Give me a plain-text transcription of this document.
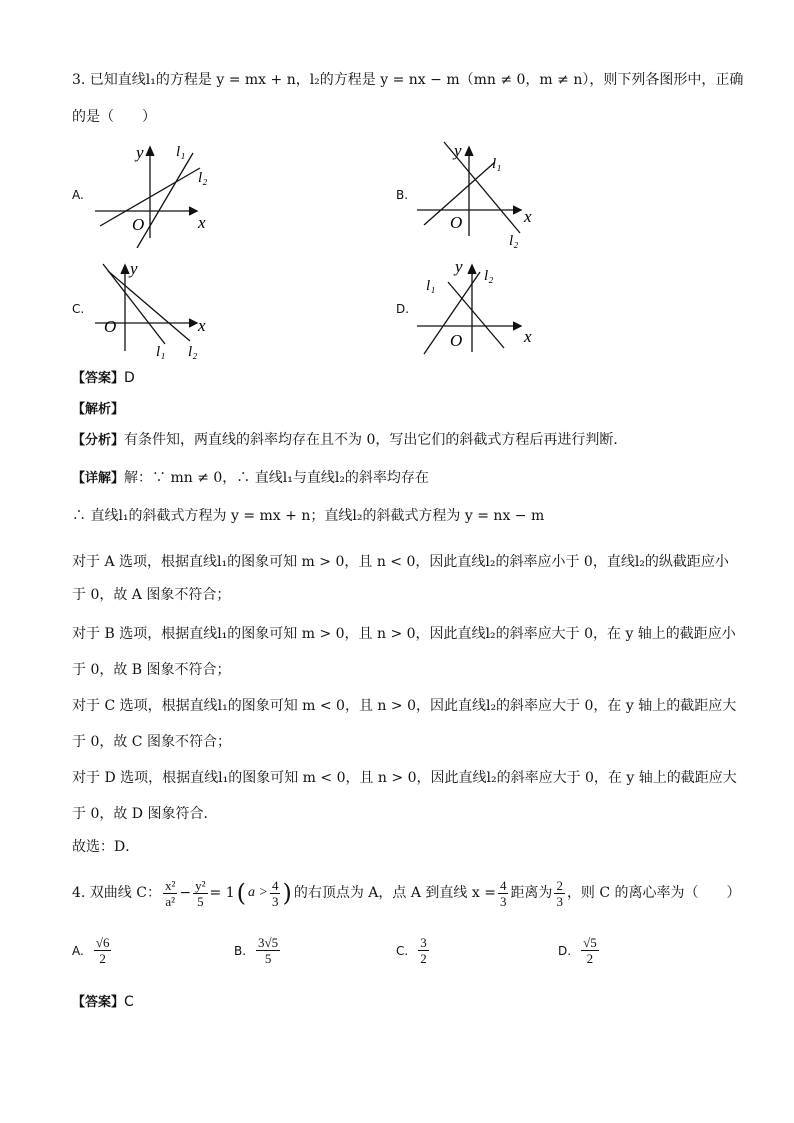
3. 已知直线l₁的方程是 y = mx + n，l₂的方程是 y = nx − m（mn ≠ 0，m ≠ n），则下列各图形中，正确
的是（　　）
A.
x
y
O
l₁
l₂
B.
x
y
O
l₁
l₂
C.
x
y
O
l₁ l₂
D.
x
y
O
l₁
l₂
【答案】D
【解析】
【分析】有条件知，两直线的斜率均存在且不为 0，写出它们的斜截式方程后再进行判断．
【详解】解：∵ mn ≠ 0，∴ 直线l₁与直线l₂的斜率均存在
∴ 直线l₁的斜截式方程为 y = mx + n；直线l₂的斜截式方程为 y = nx − m
对于 A 选项，根据直线l₁的图象可知 m > 0，且 n < 0，因此直线l₂的斜率应小于 0，直线l₂的纵截距应小
于 0，故 A 图象不符合；
对于 B 选项，根据直线l₁的图象可知 m > 0，且 n > 0，因此直线l₂的斜率应大于 0，在 y 轴上的截距应小
于 0，故 B 图象不符合；
对于 C 选项，根据直线l₁的图象可知 m < 0，且 n > 0，因此直线l₂的斜率应大于 0，在 y 轴上的截距应大
于 0，故 C 图象不符合；
对于 D 选项，根据直线l₁的图象可知 m < 0，且 n > 0，因此直线l₂的斜率应大于 0，在 y 轴上的截距应大
于 0，故 D 图象符合．
故选：D．
4. 双曲线 C： $\frac{\text{x²}}{\text{a²}} - \frac{\text{y²}}{5} = 1$ ( $a > \frac{4}{3}$ ) 的右顶点为 A，点 A 到直线 $x = \frac{4}{3}$ 距离为 $\frac{2}{3}$ ，则 C 的离心率为（　　）
A. $\frac{√6}{2}$	B. $\frac{3√5}{5}$	C. $\frac{3}{2}$	D. $\frac{√5}{2}$
【答案】C
